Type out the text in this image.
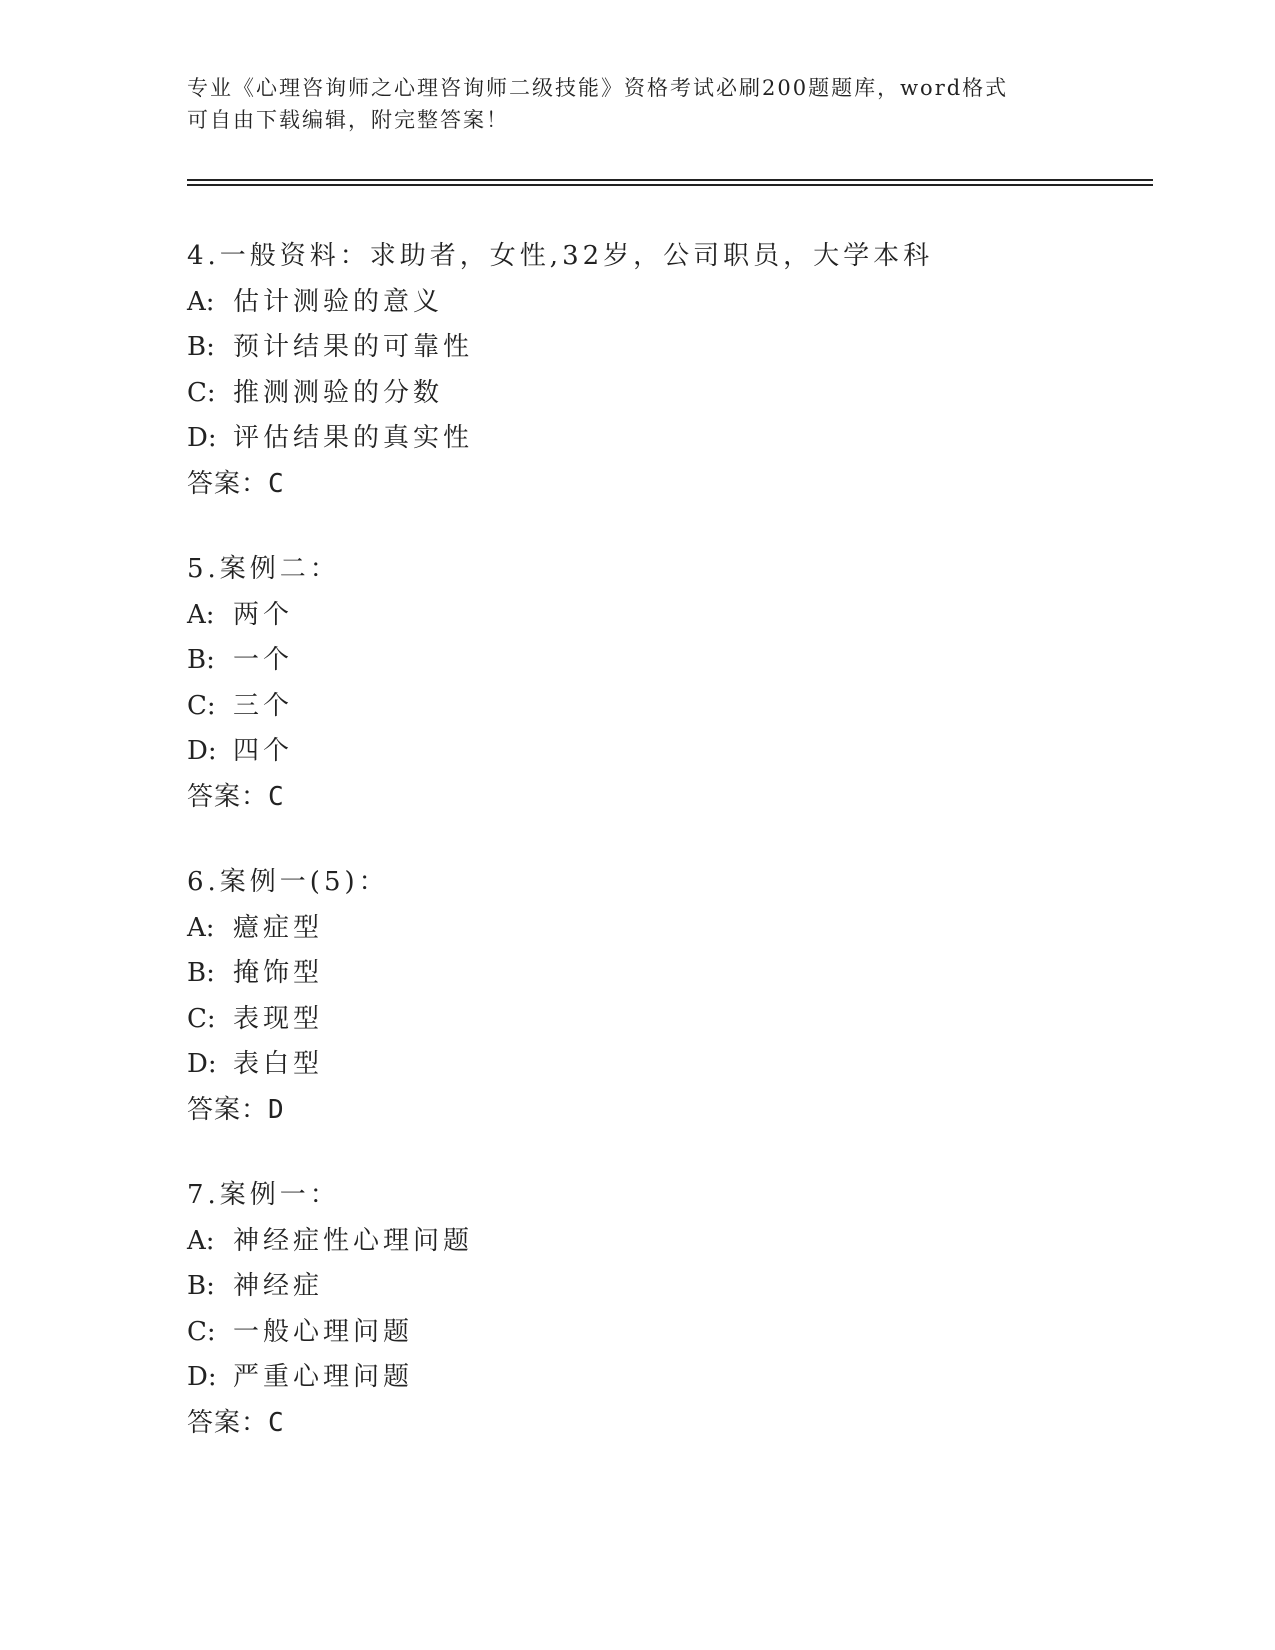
专业《心理咨询师之心理咨询师二级技能》资格考试必刷200题题库，word格式
可自由下载编辑，附完整答案！
4.一般资料：求助者，女性,32岁，公司职员，大学本科
A: 估计测验的意义
B: 预计结果的可靠性
C: 推测测验的分数
D: 评估结果的真实性
答案：C
5.案例二：
A: 两个
B: 一个
C: 三个
D: 四个
答案：C
6.案例一(5)：
A: 癔症型
B: 掩饰型
C: 表现型
D: 表白型
答案：D
7.案例一：
A: 神经症性心理问题
B: 神经症
C: 一般心理问题
D: 严重心理问题
答案：C
